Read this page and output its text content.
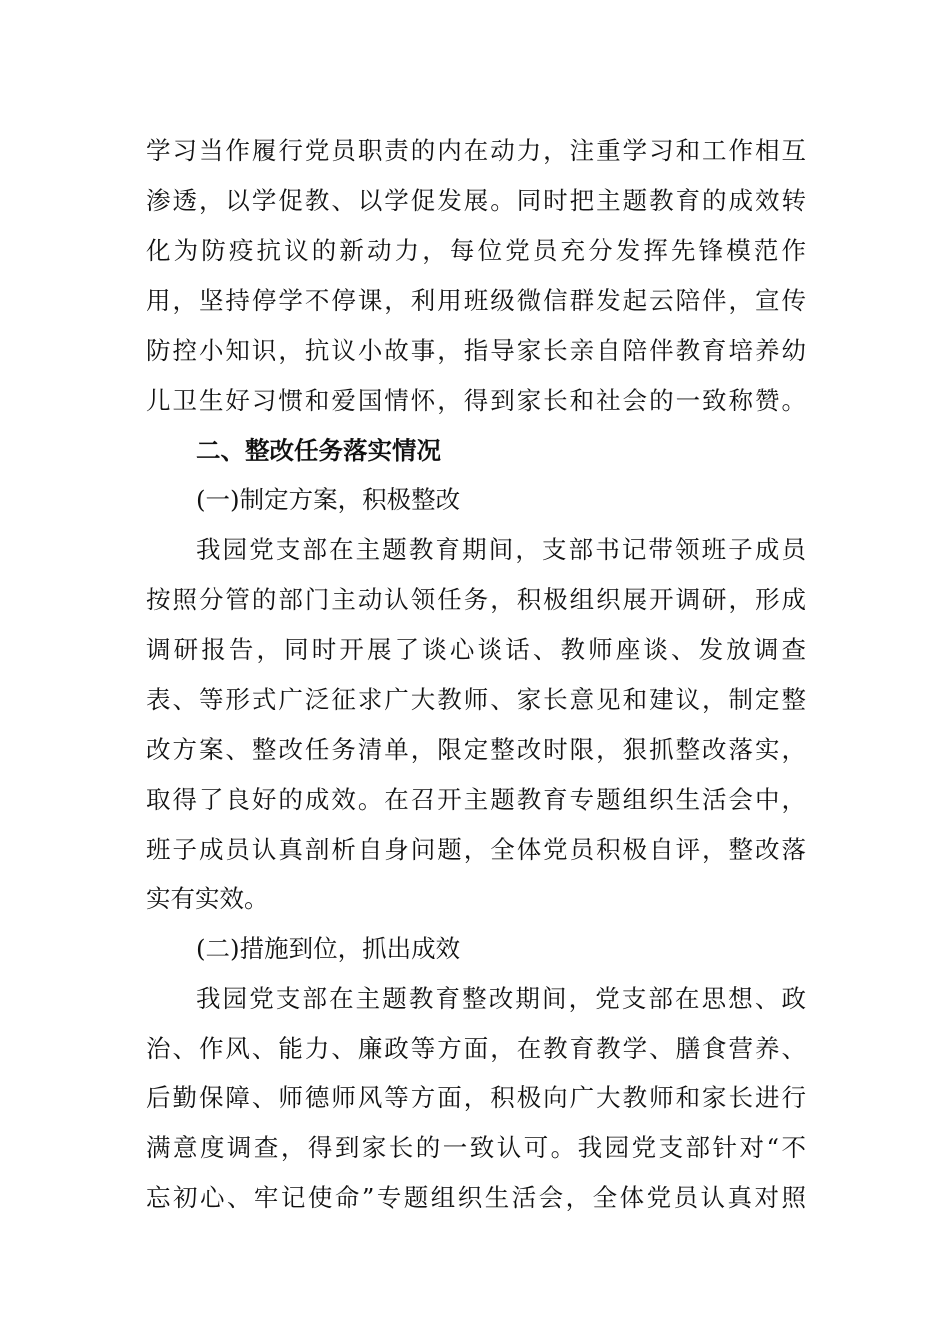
学习当作履行党员职责的内在动力，注重学习和工作相互
渗透，以学促教、以学促发展。同时把主题教育的成效转
化为防疫抗议的新动力，每位党员充分发挥先锋模范作
用，坚持停学不停课，利用班级微信群发起云陪伴，宣传
防控小知识，抗议小故事，指导家长亲自陪伴教育培养幼
儿卫生好习惯和爱国情怀，得到家长和社会的一致称赞。
二、整改任务落实情况
(一)制定方案，积极整改
我园党支部在主题教育期间，支部书记带领班子成员
按照分管的部门主动认领任务，积极组织展开调研，形成
调研报告，同时开展了谈心谈话、教师座谈、发放调查
表、等形式广泛征求广大教师、家长意见和建议，制定整
改方案、整改任务清单，限定整改时限，狠抓整改落实，
取得了良好的成效。在召开主题教育专题组织生活会中，
班子成员认真剖析自身问题，全体党员积极自评，整改落
实有实效。
(二)措施到位，抓出成效
我园党支部在主题教育整改期间，党支部在思想、政
治、作风、能力、廉政等方面，在教育教学、膳食营养、
后勤保障、师德师风等方面，积极向广大教师和家长进行
满意度调查，得到家长的一致认可。我园党支部针对“不
忘初心、牢记使命”专题组织生活会，全体党员认真对照
